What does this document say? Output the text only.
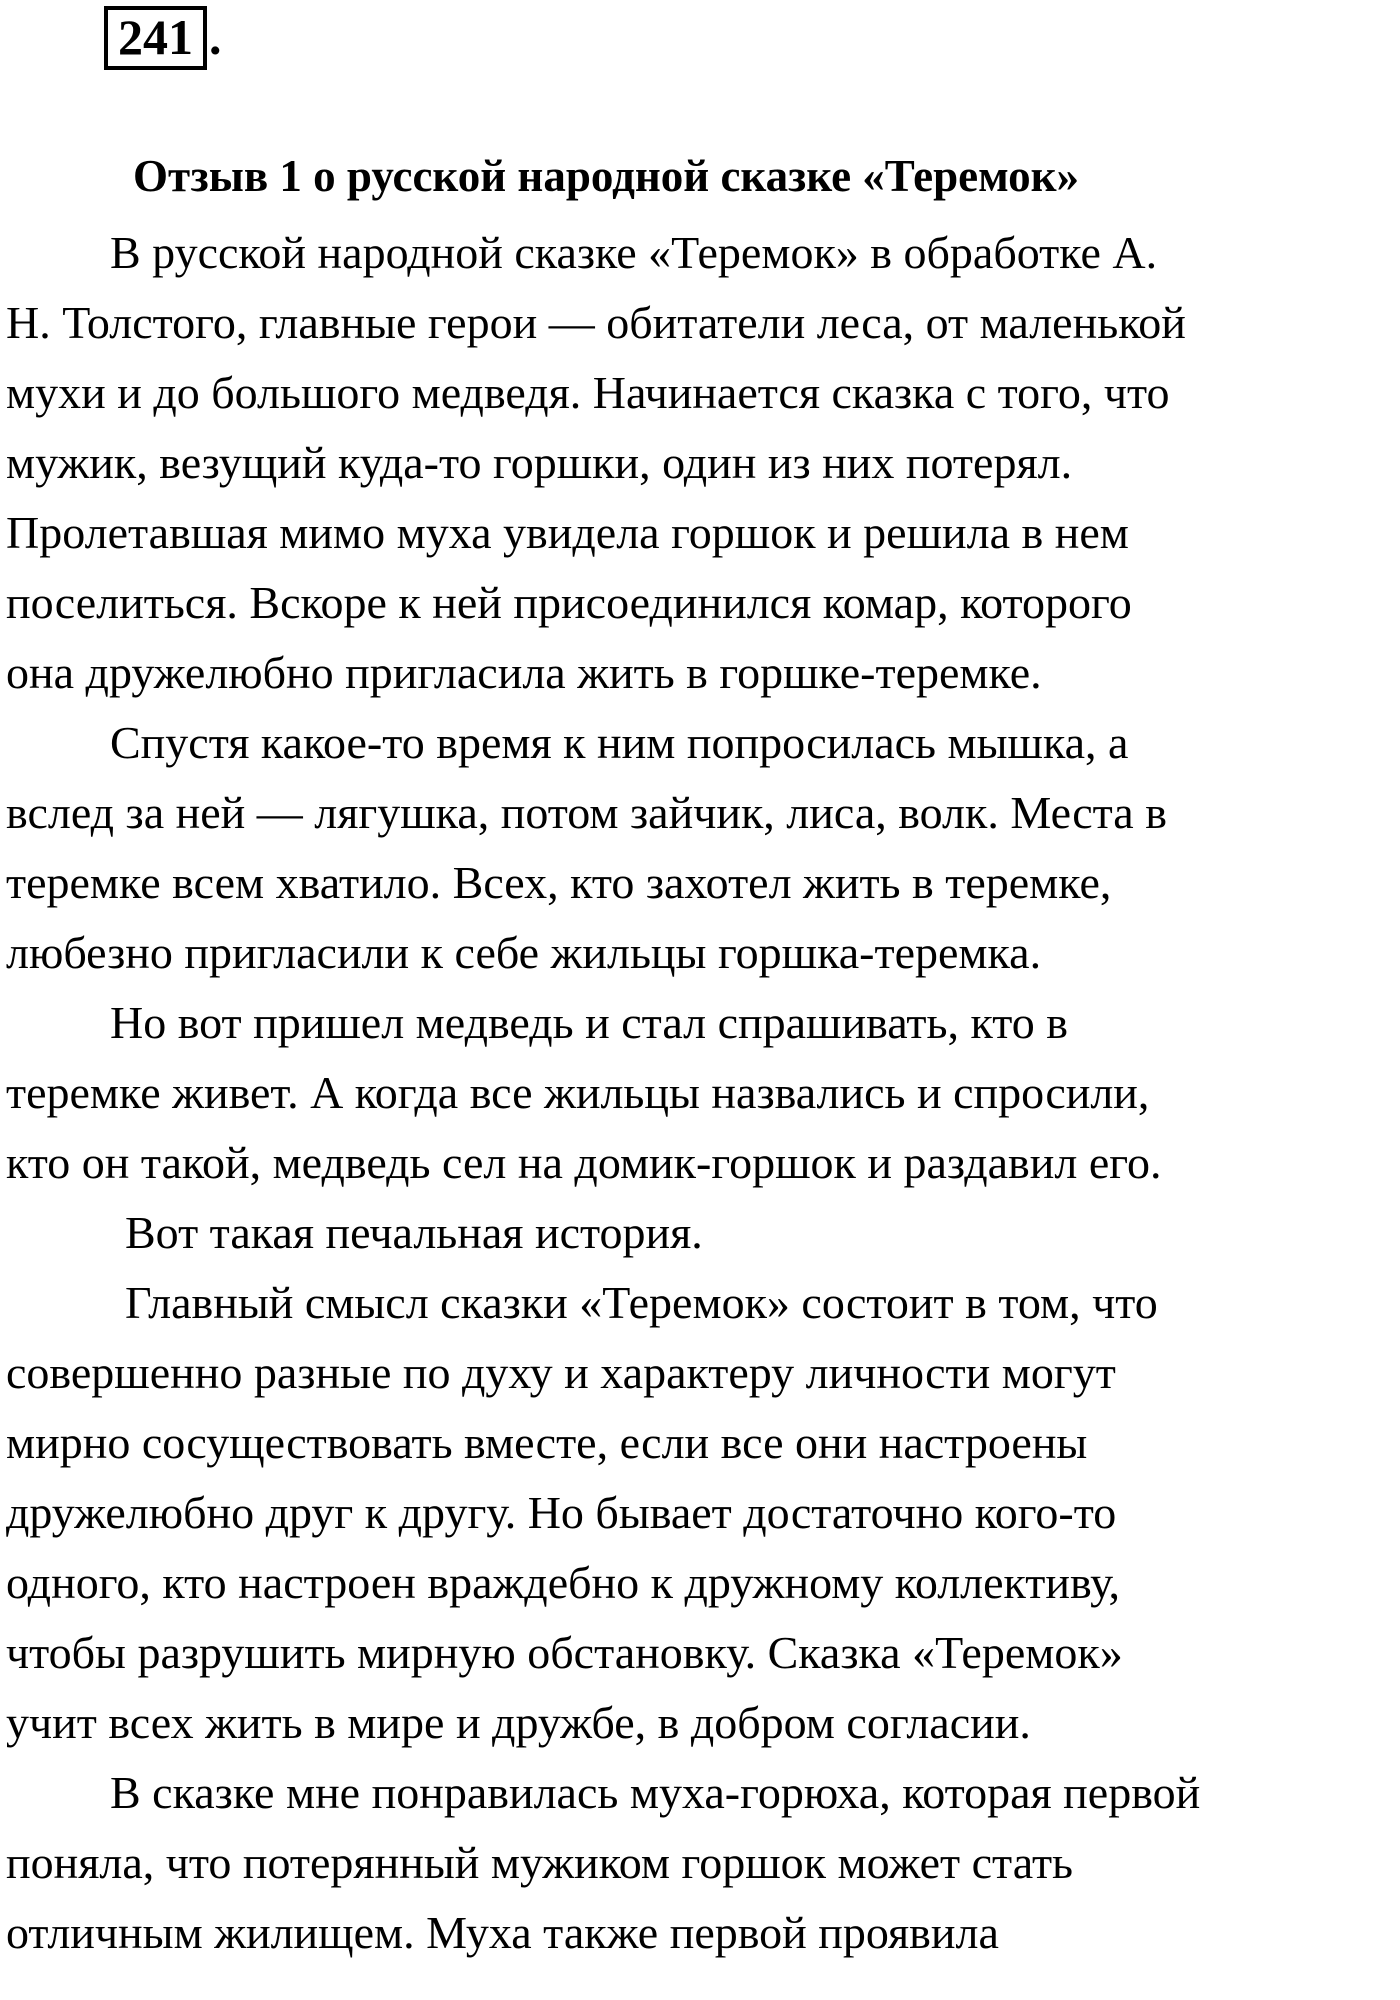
241 .
Отзыв 1 о русской народной сказке «Теремок»
В русской народной сказке «Теремок» в обработке А.
Н. Толстого, главные герои — обитатели леса, от маленькой
мухи и до большого медведя. Начинается сказка с того, что
мужик, везущий куда-то горшки, один из них потерял.
Пролетавшая мимо муха увидела горшок и решила в нем
поселиться. Вскоре к ней присоединился комар, которого
она дружелюбно пригласила жить в горшке-теремке.
Спустя какое-то время к ним попросилась мышка, а
вслед за ней — лягушка, потом зайчик, лиса, волк. Места в
теремке всем хватило. Всех, кто захотел жить в теремке,
любезно пригласили к себе жильцы горшка-теремка.
Но вот пришел медведь и стал спрашивать, кто в
теремке живет. А когда все жильцы назвались и спросили,
кто он такой, медведь сел на домик-горшок и раздавил его.
Вот такая печальная история.
Главный смысл сказки «Теремок» состоит в том, что
совершенно разные по духу и характеру личности могут
мирно сосуществовать вместе, если все они настроены
дружелюбно друг к другу. Но бывает достаточно кого-то
одного, кто настроен враждебно к дружному коллективу,
чтобы разрушить мирную обстановку. Сказка «Теремок»
учит всех жить в мире и дружбе, в добром согласии.
В сказке мне понравилась муха-горюха, которая первой
поняла, что потерянный мужиком горшок может стать
отличным жилищем. Муха также первой проявила
